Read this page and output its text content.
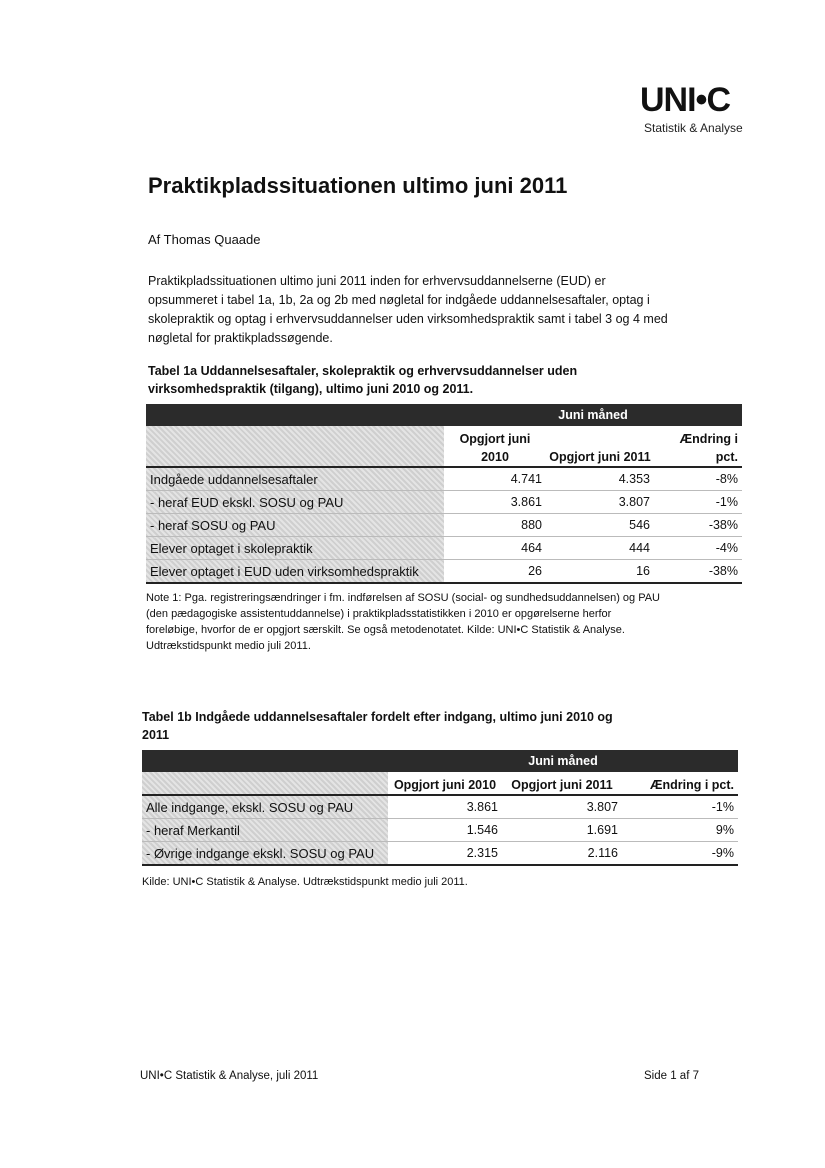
UNI•C
Statistik & Analyse
Praktikpladssituationen ultimo juni 2011
Af Thomas Quaade
Praktikpladssituationen ultimo juni 2011 inden for erhvervsuddannelserne (EUD) er opsummeret i tabel 1a, 1b, 2a og 2b med nøgletal for indgåede uddannelsesaftaler, optag i skolepraktik og optag i erhvervsuddannelser uden virksomhedspraktik samt i tabel 3 og 4 med nøgletal for praktikpladssøgende.
Tabel 1a Uddannelsesaftaler, skolepraktik og erhvervsuddannelser uden virksomhedspraktik (tilgang), ultimo juni 2010 og 2011.
	Juni måned		
	Opgjort juni 2010	Opgjort juni 2011	Ændring i pct.
Indgåede uddannelsesaftaler	4.741	4.353	-8%
- heraf EUD ekskl. SOSU og PAU	3.861	3.807	-1%
- heraf SOSU og PAU	880	546	-38%
Elever optaget i skolepraktik	464	444	-4%
Elever optaget i EUD uden virksomhedspraktik	26	16	-38%
Note 1: Pga. registreringsændringer i fm. indførelsen af SOSU (social- og sundhedsuddannelsen) og PAU (den pædagogiske assistentuddannelse) i praktikpladsstatistikken i 2010 er opgørelserne herfor foreløbige, hvorfor de er opgjort særskilt. Se også metodenotatet. Kilde: UNI•C Statistik & Analyse. Udtrækstidspunkt medio juli 2011.
Tabel 1b Indgåede uddannelsesaftaler fordelt efter indgang, ultimo juni 2010 og 2011
	Juni måned		
	Opgjort juni 2010	Opgjort juni 2011	Ændring i pct.
Alle indgange, ekskl. SOSU og PAU	3.861	3.807	-1%
- heraf Merkantil	1.546	1.691	9%
- Øvrige indgange ekskl. SOSU og PAU	2.315	2.116	-9%
Kilde: UNI•C Statistik & Analyse. Udtrækstidspunkt medio juli 2011.
UNI•C Statistik & Analyse, juli 2011	Side 1 af 7
